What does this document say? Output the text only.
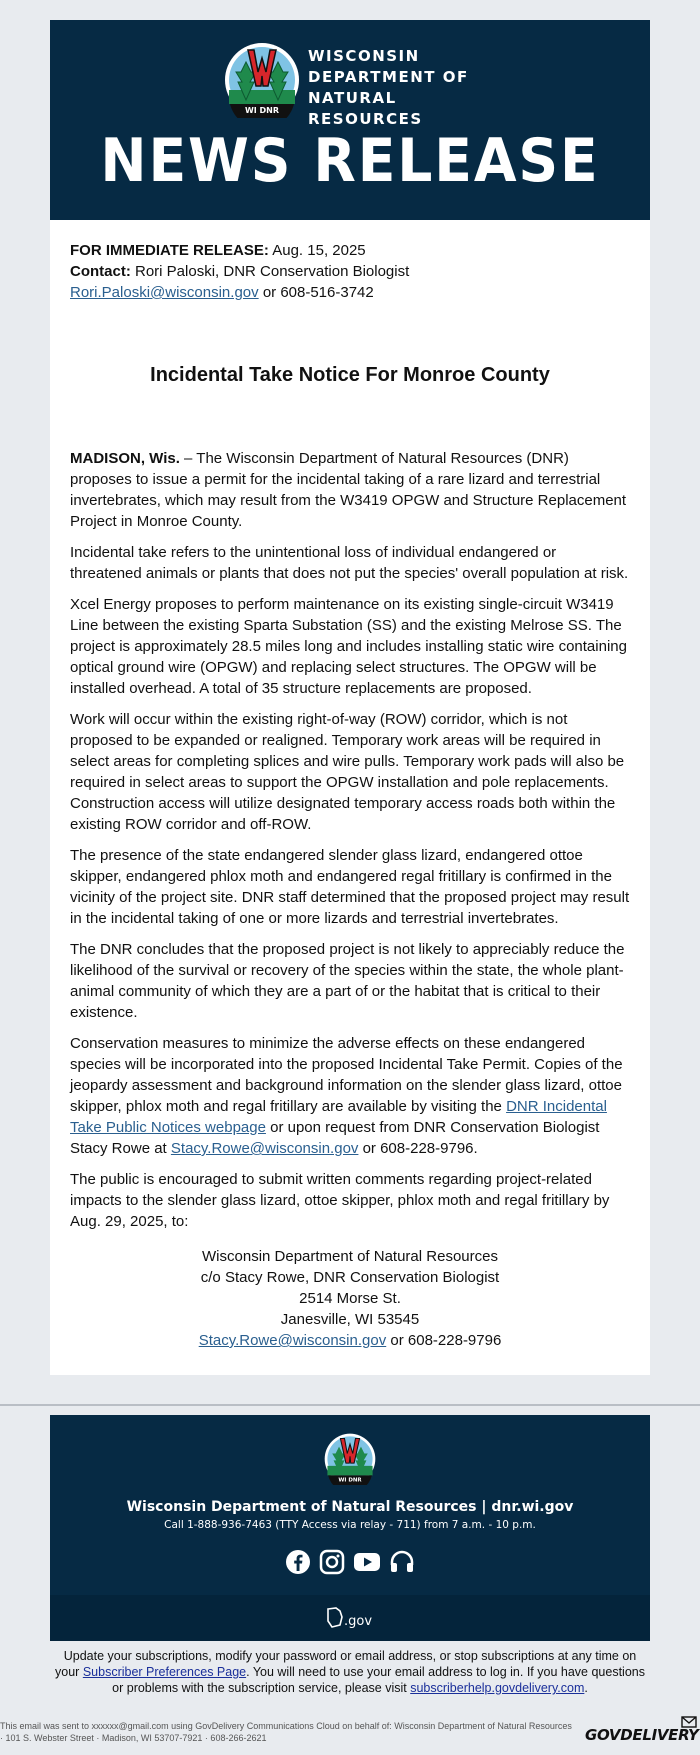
WI DNR
WISCONSIN
DEPARTMENT OF
NATURAL RESOURCES
NEWS RELEASE
FOR IMMEDIATE RELEASE: Aug. 15, 2025
Contact: Rori Paloski, DNR Conservation Biologist
Rori.Paloski@wisconsin.gov or 608-516-3742
Incidental Take Notice For Monroe County

MADISON, Wis. – The Wisconsin Department of Natural Resources (DNR) proposes to issue a permit for the incidental taking of a rare lizard and terrestrial invertebrates, which may result from the W3419 OPGW and Structure Replacement Project in Monroe County.

Incidental take refers to the unintentional loss of individual endangered or threatened animals or plants that does not put the species' overall population at risk.

Xcel Energy proposes to perform maintenance on its existing single-circuit W3419 Line between the existing Sparta Substation (SS) and the existing Melrose SS. The project is approximately 28.5 miles long and includes installing static wire containing optical ground wire (OPGW) and replacing select structures. The OPGW will be installed overhead. A total of 35 structure replacements are proposed.

Work will occur within the existing right-of-way (ROW) corridor, which is not proposed to be expanded or realigned. Temporary work areas will be required in select areas for completing splices and wire pulls. Temporary work pads will also be required in select areas to support the OPGW installation and pole replacements. Construction access will utilize designated temporary access roads both within the existing ROW corridor and off-ROW.

The presence of the state endangered slender glass lizard, endangered ottoe skipper, endangered phlox moth and endangered regal fritillary is confirmed in the vicinity of the project site. DNR staff determined that the proposed project may result in the incidental taking of one or more lizards and terrestrial invertebrates.

The DNR concludes that the proposed project is not likely to appreciably reduce the likelihood of the survival or recovery of the species within the state, the whole plant-animal community of which they are a part of or the habitat that is critical to their existence.

Conservation measures to minimize the adverse effects on these endangered species will be incorporated into the proposed Incidental Take Permit. Copies of the jeopardy assessment and background information on the slender glass lizard, ottoe skipper, phlox moth and regal fritillary are available by visiting the DNR Incidental Take Public Notices webpage or upon request from DNR Conservation Biologist Stacy Rowe at Stacy.Rowe@wisconsin.gov or 608-228-9796.

The public is encouraged to submit written comments regarding project-related impacts to the slender glass lizard, ottoe skipper, phlox moth and regal fritillary by Aug. 29, 2025, to:

Wisconsin Department of Natural Resources
c/o Stacy Rowe, DNR Conservation Biologist
2514 Morse St.
Janesville, WI 53545
Stacy.Rowe@wisconsin.gov or 608-228-9796
WI DNR
Wisconsin Department of Natural Resources | dnr.wi.gov
Call 1-888-936-7463 (TTY Access via relay - 711) from 7 a.m. - 10 p.m.
.gov
Update your subscriptions, modify your password or email address, or stop subscriptions at any time on your Subscriber Preferences Page. You will need to use your email address to log in. If you have questions or problems with the subscription service, please visit subscriberhelp.govdelivery.com.
This email was sent to xxxxxx@gmail.com using GovDelivery Communications Cloud on behalf of: Wisconsin Department of Natural Resources · 101 S. Webster Street · Madison, WI 53707-7921 · 608-266-2621	GOVDELIVERY
